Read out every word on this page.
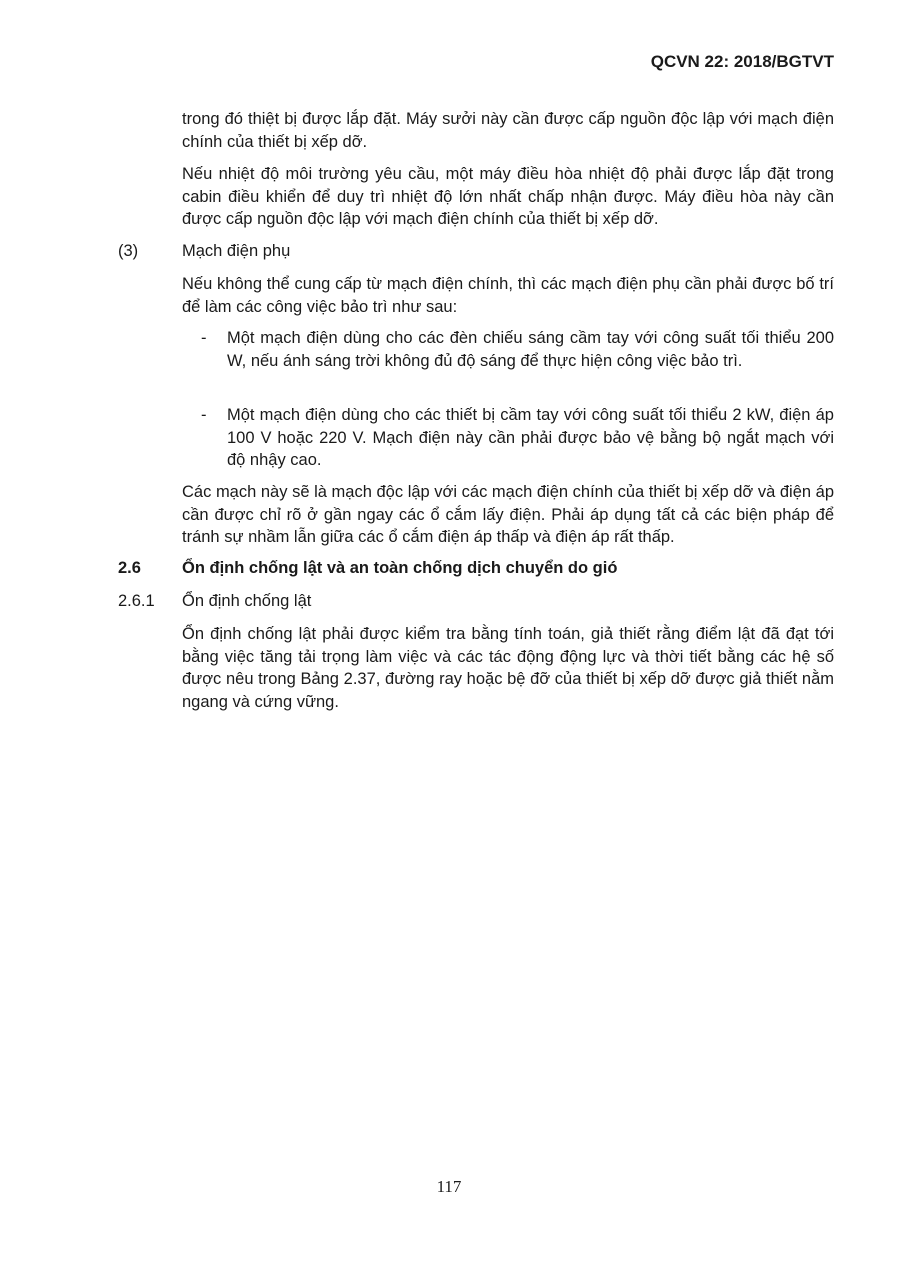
QCVN 22: 2018/BGTVT
trong đó thiệt bị được lắp đặt. Máy sưởi này cần được cấp nguồn độc lập với mạch điện chính của thiết bị xếp dỡ.
Nếu nhiệt độ môi trường yêu cầu, một máy điều hòa nhiệt độ phải được lắp đặt trong cabin điều khiển để duy trì nhiệt độ lớn nhất chấp nhận được. Máy điều hòa này cần được cấp nguồn độc lập với mạch điện chính của thiết bị xếp dỡ.
(3)	Mạch điện phụ
Nếu không thể cung cấp từ mạch điện chính, thì các mạch điện phụ cần phải được bố trí để làm các công việc bảo trì như sau:
- Một mạch điện dùng cho các đèn chiếu sáng cầm tay với công suất tối thiểu 200 W, nếu ánh sáng trời không đủ độ sáng để thực hiện công việc bảo trì.
- Một mạch điện dùng cho các thiết bị cầm tay với công suất tối thiểu 2 kW, điện áp 100 V hoặc 220 V. Mạch điện này cần phải được bảo vệ bằng bộ ngắt mạch với độ nhậy cao.
Các mạch này sẽ là mạch độc lập với các mạch điện chính của thiết bị xếp dỡ và điện áp cần được chỉ rõ ở gần ngay các ổ cắm lấy điện. Phải áp dụng tất cả các biện pháp để tránh sự nhầm lẫn giữa các ổ cắm điện áp thấp và điện áp rất thấp.
2.6 Ổn định chống lật và an toàn chống dịch chuyển do gió
2.6.1 Ổn định chống lật
Ổn định chống lật phải được kiểm tra bằng tính toán, giả thiết rằng điểm lật đã đạt tới bằng việc tăng tải trọng làm việc và các tác động động lực và thời tiết bằng các hệ số được nêu trong Bảng 2.37, đường ray hoặc bệ đỡ của thiết bị xếp dỡ được giả thiết nằm ngang và cứng vững.
117
